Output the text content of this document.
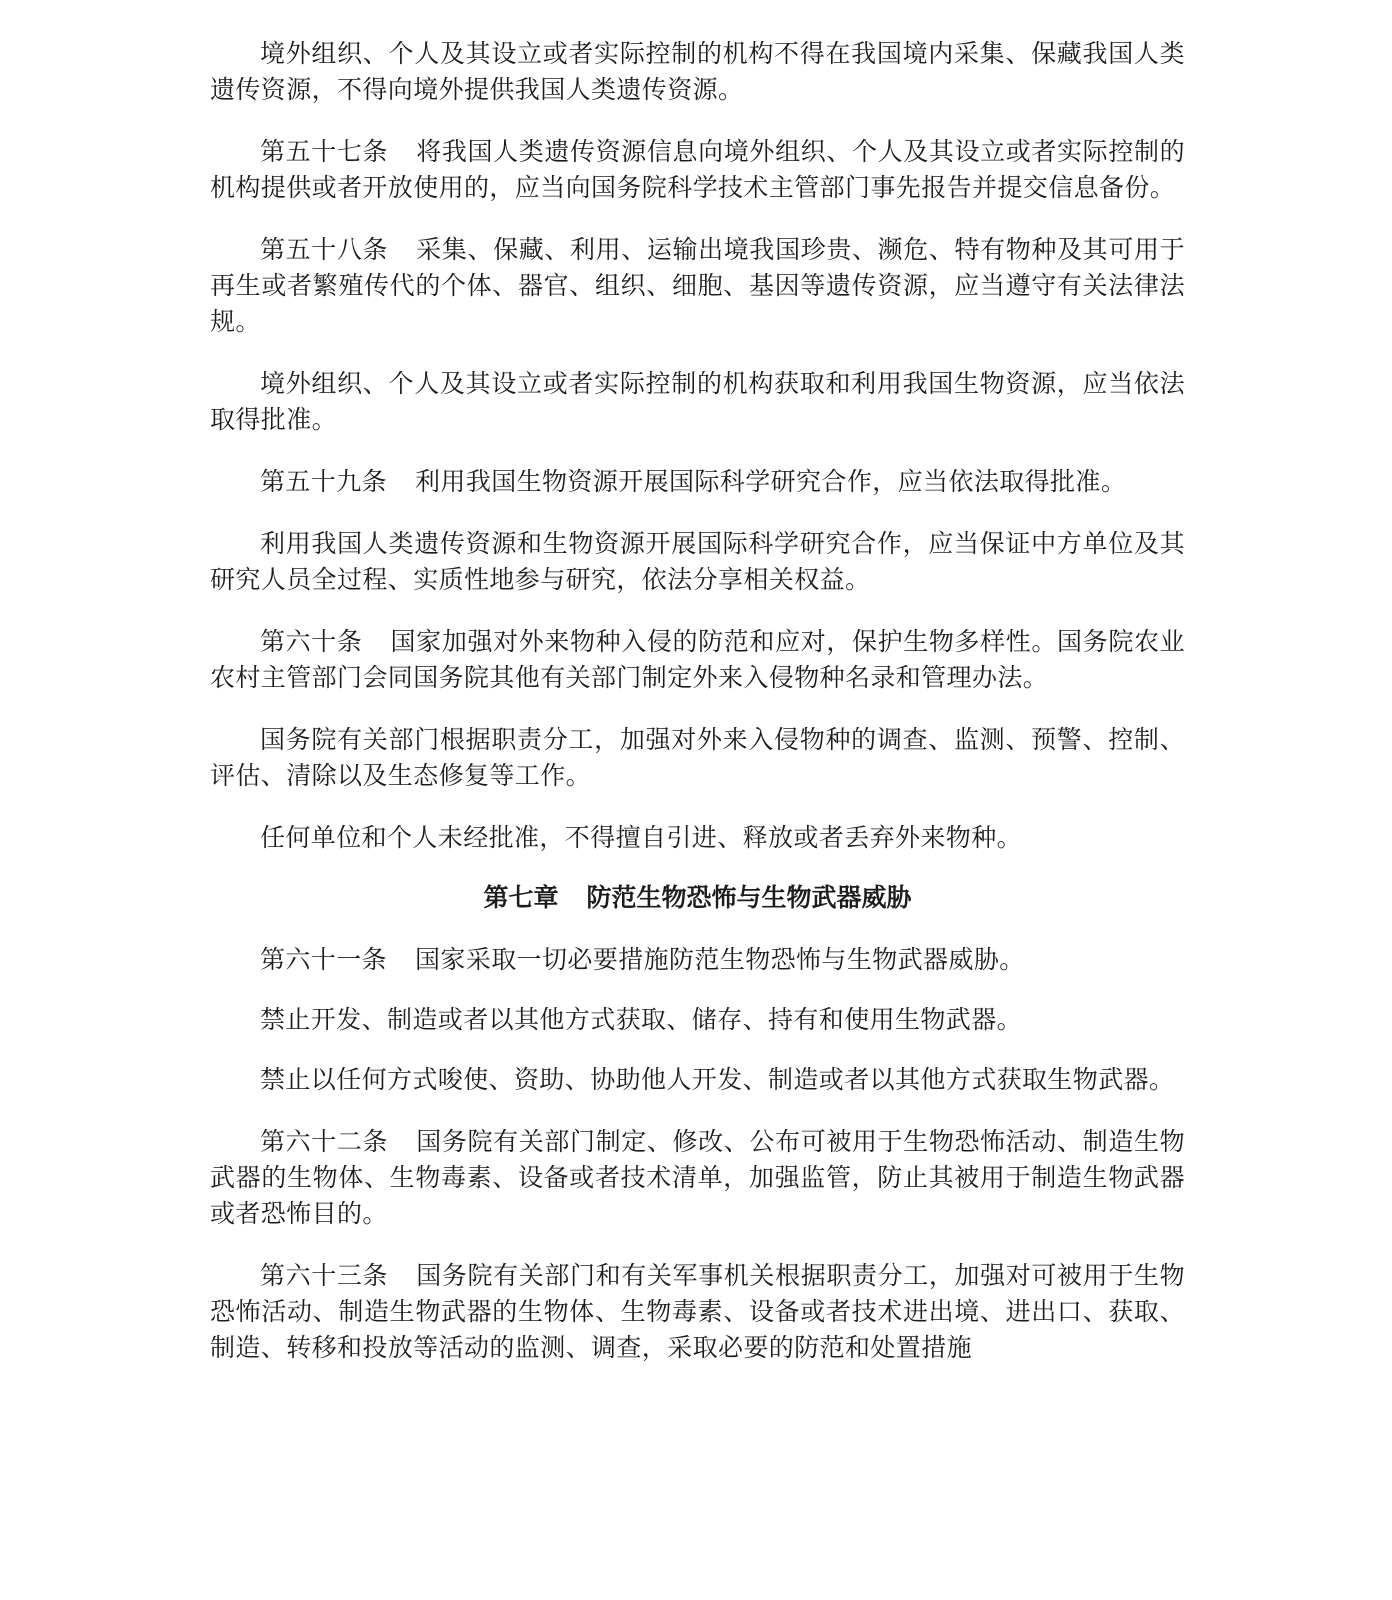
境外组织、个人及其设立或者实际控制的机构不得在我国境内采集、保藏我国人类遗传资源，不得向境外提供我国人类遗传资源。

第五十七条 将我国人类遗传资源信息向境外组织、个人及其设立或者实际控制的机构提供或者开放使用的，应当向国务院科学技术主管部门事先报告并提交信息备份。

第五十八条 采集、保藏、利用、运输出境我国珍贵、濒危、特有物种及其可用于再生或者繁殖传代的个体、器官、组织、细胞、基因等遗传资源，应当遵守有关法律法规。

境外组织、个人及其设立或者实际控制的机构获取和利用我国生物资源，应当依法取得批准。

第五十九条 利用我国生物资源开展国际科学研究合作，应当依法取得批准。

利用我国人类遗传资源和生物资源开展国际科学研究合作，应当保证中方单位及其研究人员全过程、实质性地参与研究，依法分享相关权益。

第六十条 国家加强对外来物种入侵的防范和应对，保护生物多样性。国务院农业农村主管部门会同国务院其他有关部门制定外来入侵物种名录和管理办法。

国务院有关部门根据职责分工，加强对外来入侵物种的调查、监测、预警、控制、评估、清除以及生态修复等工作。

任何单位和个人未经批准，不得擅自引进、释放或者丢弃外来物种。

第七章 防范生物恐怖与生物武器威胁

第六十一条 国家采取一切必要措施防范生物恐怖与生物武器威胁。

禁止开发、制造或者以其他方式获取、储存、持有和使用生物武器。

禁止以任何方式唆使、资助、协助他人开发、制造或者以其他方式获取生物武器。

第六十二条 国务院有关部门制定、修改、公布可被用于生物恐怖活动、制造生物武器的生物体、生物毒素、设备或者技术清单，加强监管，防止其被用于制造生物武器或者恐怖目的。

第六十三条 国务院有关部门和有关军事机关根据职责分工，加强对可被用于生物恐怖活动、制造生物武器的生物体、生物毒素、设备或者技术进出境、进出口、获取、制造、转移和投放等活动的监测、调查，采取必要的防范和处置措施
